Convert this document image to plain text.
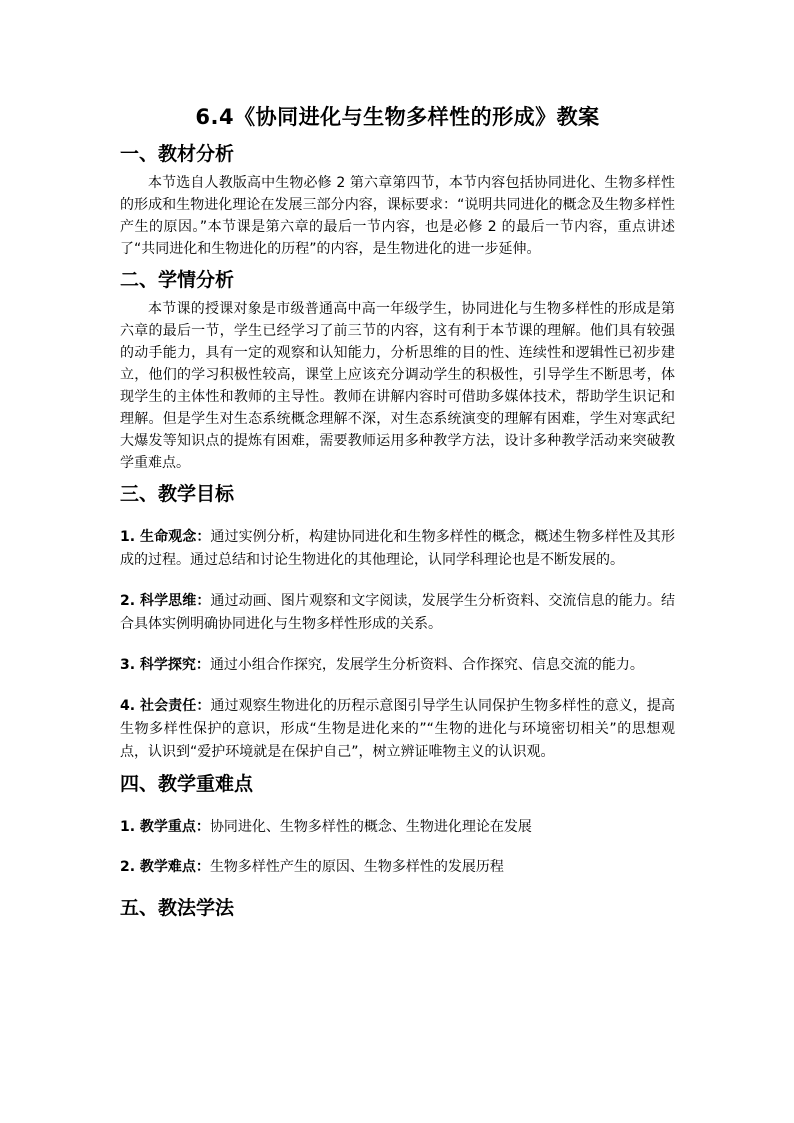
6.4《协同进化与生物多样性的形成》教案
一、教材分析

本节选自人教版高中生物必修 2 第六章第四节，本节内容包括协同进化、生物多样性的形成和生物进化理论在发展三部分内容，课标要求：“说明共同进化的概念及生物多样性产生的原因。”本节课是第六章的最后一节内容，也是必修 2 的最后一节内容，重点讲述了“共同进化和生物进化的历程”的内容，是生物进化的进一步延伸。

二、学情分析

本节课的授课对象是市级普通高中高一年级学生，协同进化与生物多样性的形成是第六章的最后一节，学生已经学习了前三节的内容，这有利于本节课的理解。他们具有较强的动手能力，具有一定的观察和认知能力，分析思维的目的性、连续性和逻辑性已初步建立，他们的学习积极性较高，课堂上应该充分调动学生的积极性，引导学生不断思考，体现学生的主体性和教师的主导性。教师在讲解内容时可借助多媒体技术，帮助学生识记和理解。但是学生对生态系统概念理解不深，对生态系统演变的理解有困难，学生对寒武纪大爆发等知识点的提炼有困难，需要教师运用多种教学方法，设计多种教学活动来突破教学重难点。

三、教学目标
1. 生命观念：通过实例分析，构建协同进化和生物多样性的概念，概述生物多样性及其形成的过程。通过总结和讨论生物进化的其他理论，认同学科理论也是不断发展的。
2. 科学思维：通过动画、图片观察和文字阅读，发展学生分析资料、交流信息的能力。结合具体实例明确协同进化与生物多样性形成的关系。
3. 科学探究：通过小组合作探究，发展学生分析资料、合作探究、信息交流的能力。
4. 社会责任：通过观察生物进化的历程示意图引导学生认同保护生物多样性的意义，提高生物多样性保护的意识，形成“生物是进化来的”“生物的进化与环境密切相关”的思想观点，认识到“爱护环境就是在保护自己”，树立辨证唯物主义的认识观。
四、教学重难点
1. 教学重点：协同进化、生物多样性的概念、生物进化理论在发展
2. 教学难点：生物多样性产生的原因、生物多样性的发展历程
五、教法学法
